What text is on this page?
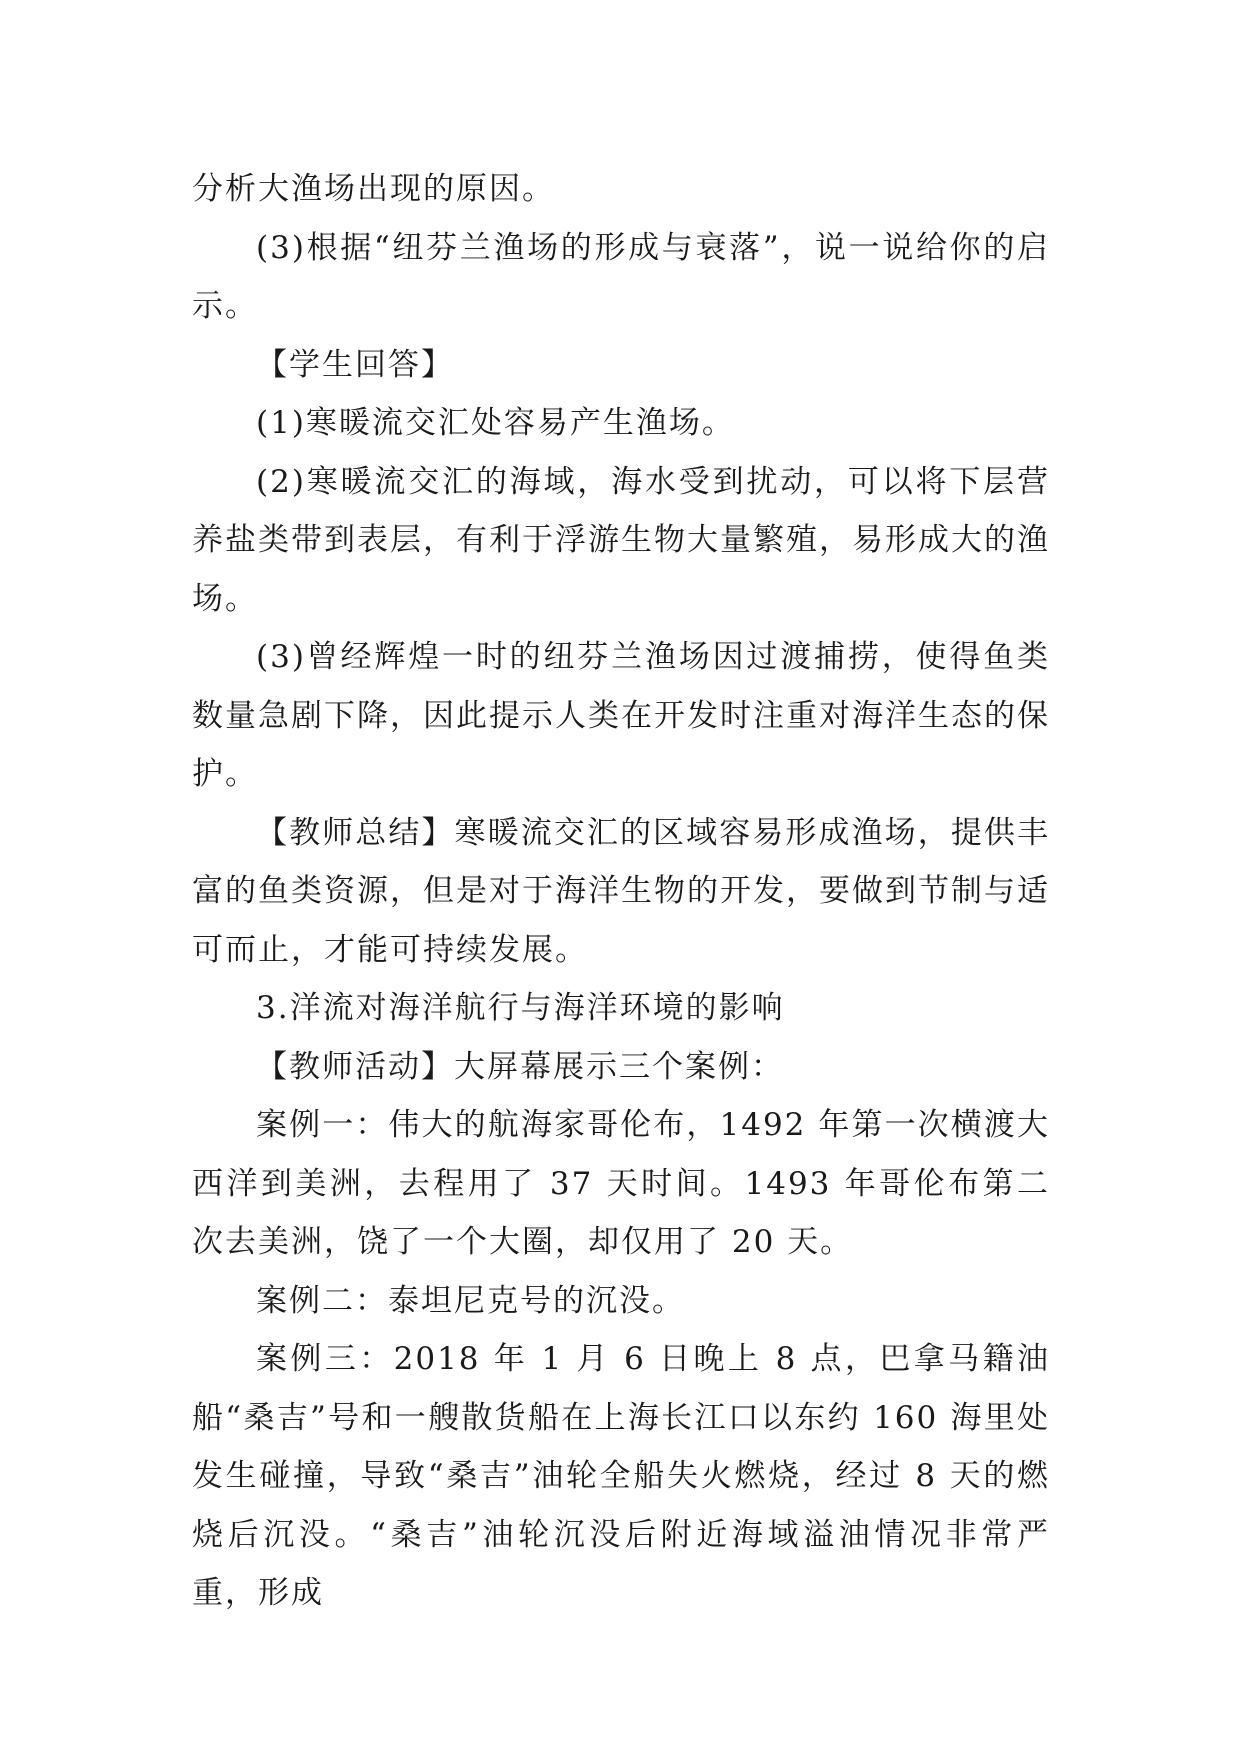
分析大渔场出现的原因。

(3)根据“纽芬兰渔场的形成与衰落”，说一说给你的启示。

【学生回答】

(1)寒暖流交汇处容易产生渔场。

(2)寒暖流交汇的海域，海水受到扰动，可以将下层营养盐类带到表层，有利于浮游生物大量繁殖，易形成大的渔场。

(3)曾经辉煌一时的纽芬兰渔场因过渡捕捞，使得鱼类数量急剧下降，因此提示人类在开发时注重对海洋生态的保护。

【教师总结】寒暖流交汇的区域容易形成渔场，提供丰富的鱼类资源，但是对于海洋生物的开发，要做到节制与适可而止，才能可持续发展。

3.洋流对海洋航行与海洋环境的影响

【教师活动】大屏幕展示三个案例：

案例一：伟大的航海家哥伦布，1492 年第一次横渡大西洋到美洲，去程用了 37 天时间。1493 年哥伦布第二次去美洲，饶了一个大圈，却仅用了 20 天。

案例二：泰坦尼克号的沉没。

案例三：2018 年 1 月 6 日晚上 8 点，巴拿马籍油船“桑吉”号和一艘散货船在上海长江口以东约 160 海里处发生碰撞，导致“桑吉”油轮全船失火燃烧，经过 8 天的燃烧后沉没。“桑吉”油轮沉没后附近海域溢油情况非常严重，形成
